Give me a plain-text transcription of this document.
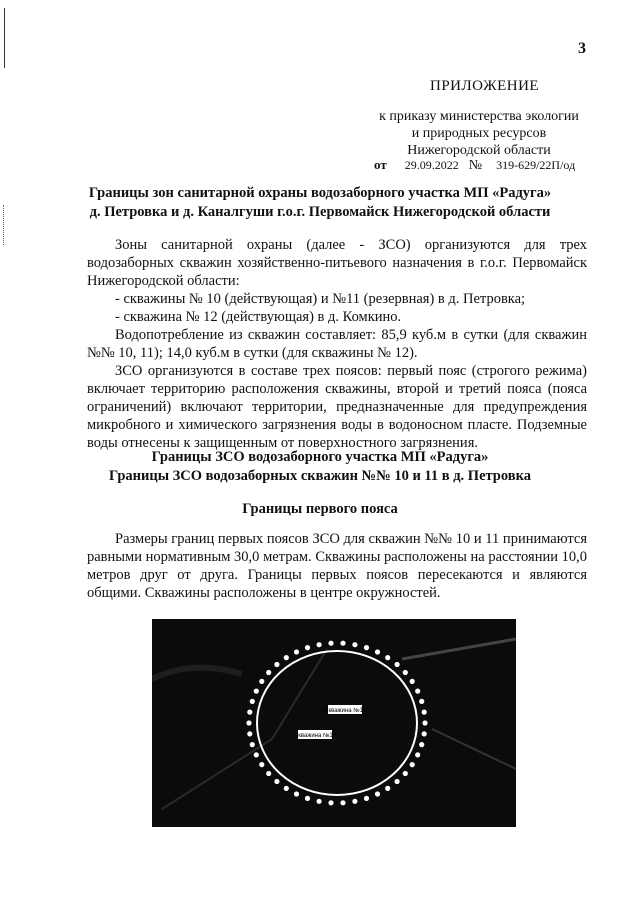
3
ПРИЛОЖЕНИЕ
к приказу министерства экологии
и природных ресурсов
Нижегородской области
от 29.09.2022 № 319-629/22П/од
Границы зон санитарной охраны водозаборного участка МП «Радуга»
д. Петровка и д. Каналгуши г.о.г. Первомайск Нижегородской области
Зоны санитарной охраны (далее - ЗСО) организуются для трех водозаборных скважин хозяйственно-питьевого назначения в г.о.г. Первомайск Нижегородской области:
- скважины № 10 (действующая) и №11 (резервная) в д. Петровка;
- скважина № 12 (действующая) в д. Комкино.
Водопотребление из скважин составляет: 85,9 куб.м в сутки (для скважин №№ 10, 11); 14,0 куб.м в сутки (для скважины № 12).
ЗСО организуются в составе трех поясов: первый пояс (строгого режима) включает территорию расположения скважины, второй и третий пояса (пояса ограничений) включают территории, предназначенные для предупреждения микробного и химического загрязнения воды в водоносном пласте. Подземные воды отнесены к защищенным от поверхностного загрязнения.
Границы ЗСО водозаборного участка МП «Радуга»
Границы ЗСО водозаборных скважин №№ 10 и 11 в д. Петровка
Границы первого пояса
Размеры границ первых поясов ЗСО для скважин №№ 10 и 11 принимаются равными нормативным 30,0 метрам. Скважины расположены на расстоянии 10,0 метров друг от друга. Границы первых поясов пересекаются и являются общими. Скважины расположены в центре окружностей.
Скважина №11
Скважина №10
